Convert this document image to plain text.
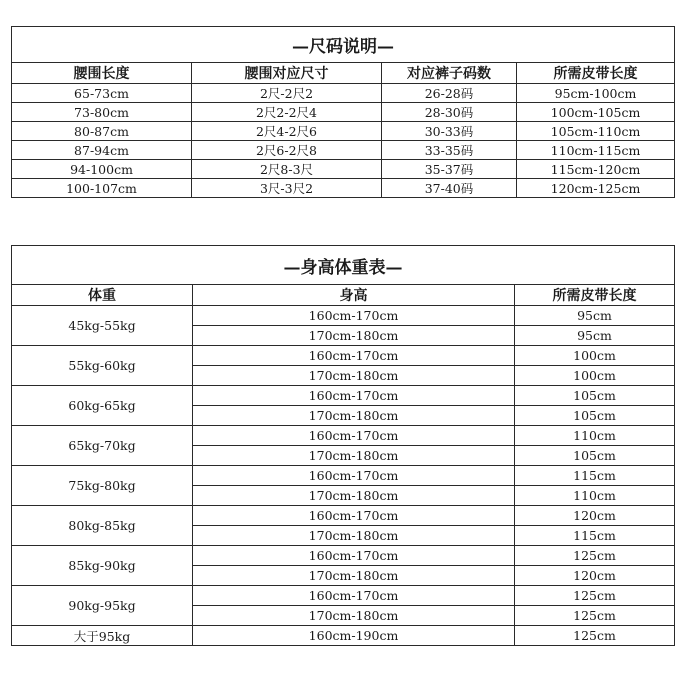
—尺码说明—			
腰围长度	腰围对应尺寸	对应裤子码数	所需皮带长度
65-73cm	2尺-2尺2	26-28码	95cm-100cm
73-80cm	2尺2-2尺4	28-30码	100cm-105cm
80-87cm	2尺4-2尺6	30-33码	105cm-110cm
87-94cm	2尺6-2尺8	33-35码	110cm-115cm
94-100cm	2尺8-3尺	35-37码	115cm-120cm
100-107cm	3尺-3尺2	37-40码	120cm-125cm
—身高体重表—		
体重	身高	所需皮带长度
45kg-55kg	160cm-170cm	95cm
	170cm-180cm	95cm
55kg-60kg	160cm-170cm	100cm
	170cm-180cm	100cm
60kg-65kg	160cm-170cm	105cm
	170cm-180cm	105cm
65kg-70kg	160cm-170cm	110cm
	170cm-180cm	105cm
75kg-80kg	160cm-170cm	115cm
	170cm-180cm	110cm
80kg-85kg	160cm-170cm	120cm
	170cm-180cm	115cm
85kg-90kg	160cm-170cm	125cm
	170cm-180cm	120cm
90kg-95kg	160cm-170cm	125cm
	170cm-180cm	125cm
大于95kg	160cm-190cm	125cm
